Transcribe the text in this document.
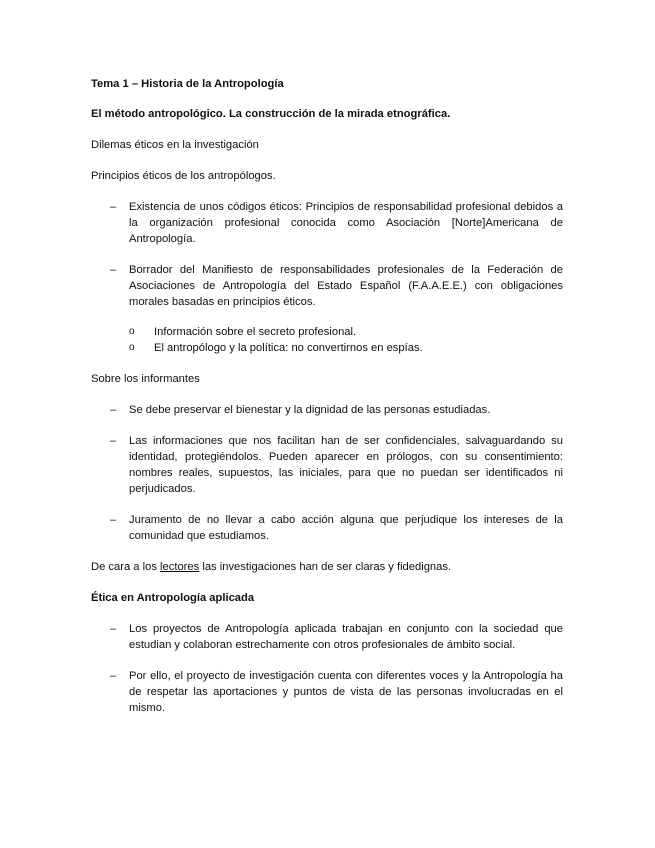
Tema 1 – Historia de la Antropología

El método antropológico. La construcción de la mirada etnográfica.

Dilemas éticos en la investigación

Principios éticos de los antropólogos.

– Existencia de unos códigos éticos: Principios de responsabilidad profesional debidos a la organización profesional conocida como Asociación [Norte]Americana de Antropología.
– Borrador del Manifiesto de responsabilidades profesionales de la Federación de Asociaciones de Antropología del Estado Español (F.A.A.E.E.) con obligaciones morales basadas en principios éticos.
o Información sobre el secreto profesional.
o El antropólogo y la política: no convertirnos en espías.

Sobre los informantes

– Se debe preservar el bienestar y la dignidad de las personas estudiadas.
– Las informaciones que nos facilitan han de ser confidenciales, salvaguardando su identidad, protegiéndolos. Pueden aparecer en prólogos, con su consentimiento: nombres reales, supuestos, las iniciales, para que no puedan ser identificados ni perjudicados.
– Juramento de no llevar a cabo acción alguna que perjudique los intereses de la comunidad que estudiamos.

De cara a los lectores las investigaciones han de ser claras y fidedignas.

Ética en Antropología aplicada

– Los proyectos de Antropología aplicada trabajan en conjunto con la sociedad que estudian y colaboran estrechamente con otros profesionales de ámbito social.
– Por ello, el proyecto de investigación cuenta con diferentes voces y la Antropología ha de respetar las aportaciones y puntos de vista de las personas involucradas en el mismo.
